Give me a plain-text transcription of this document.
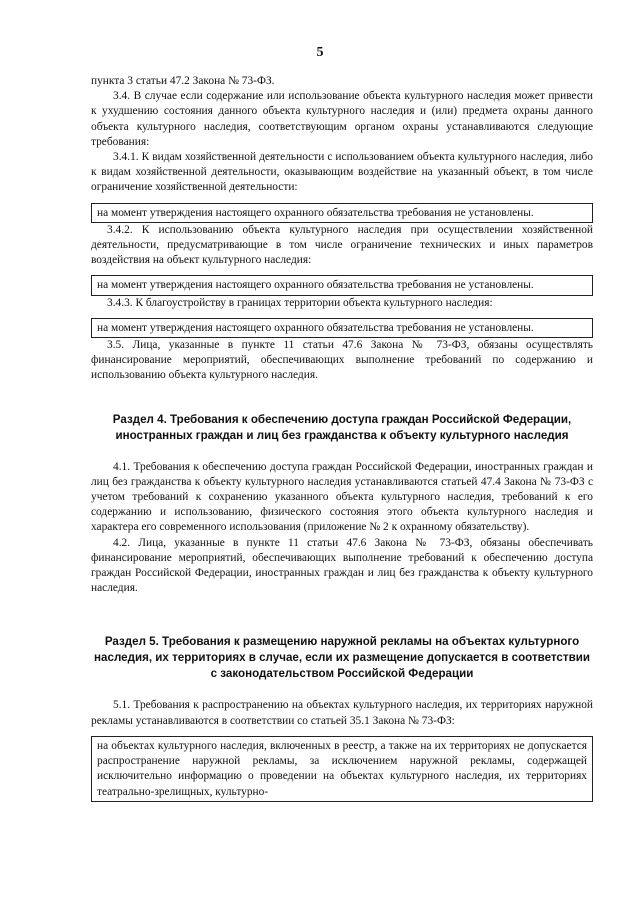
5

пункта 3 статьи 47.2 Закона № 73-ФЗ.

3.4. В случае если содержание или использование объекта культурного наследия может привести к ухудшению состояния данного объекта культурного наследия и (или) предмета охраны данного объекта культурного наследия, соответствующим органом охраны устанавливаются следующие требования:

3.4.1. К видам хозяйственной деятельности с использованием объекта культурного наследия, либо к видам хозяйственной деятельности, оказывающим воздействие на указанный объект, в том числе ограничение хозяйственной деятельности:

на момент утверждения настоящего охранного обязательства требования не установлены.

3.4.2. К использованию объекта культурного наследия при осуществлении хозяйственной деятельности, предусматривающие в том числе ограничение технических и иных параметров воздействия на объект культурного наследия:

на момент утверждения настоящего охранного обязательства требования не установлены.

3.4.3. К благоустройству в границах территории объекта культурного наследия:

на момент утверждения настоящего охранного обязательства требования не установлены.

3.5. Лица, указанные в пункте 11 статьи 47.6 Закона № 73-ФЗ, обязаны осуществлять финансирование мероприятий, обеспечивающих выполнение требований по содержанию и использованию объекта культурного наследия.

Раздел 4. Требования к обеспечению доступа граждан Российской Федерации, иностранных граждан и лиц без гражданства к объекту культурного наследия

4.1. Требования к обеспечению доступа граждан Российской Федерации, иностранных граждан и лиц без гражданства к объекту культурного наследия устанавливаются статьей 47.4 Закона № 73-ФЗ с учетом требований к сохранению указанного объекта культурного наследия, требований к его содержанию и использованию, физического состояния этого объекта культурного наследия и характера его современного использования (приложение № 2 к охранному обязательству).

4.2. Лица, указанные в пункте 11 статьи 47.6 Закона № 73-ФЗ, обязаны обеспечивать финансирование мероприятий, обеспечивающих выполнение требований к обеспечению доступа граждан Российской Федерации, иностранных граждан и лиц без гражданства к объекту культурного наследия.

Раздел 5. Требования к размещению наружной рекламы на объектах культурного наследия, их территориях в случае, если их размещение допускается в соответствии с законодательством Российской Федерации

5.1. Требования к распространению на объектах культурного наследия, их территориях наружной рекламы устанавливаются в соответствии со статьей 35.1 Закона № 73-ФЗ:

на объектах культурного наследия, включенных в реестр, а также на их территориях не допускается распространение наружной рекламы, за исключением наружной рекламы, содержащей исключительно информацию о проведении на объектах культурного наследия, их территориях театрально-зрелищных, культурно-
